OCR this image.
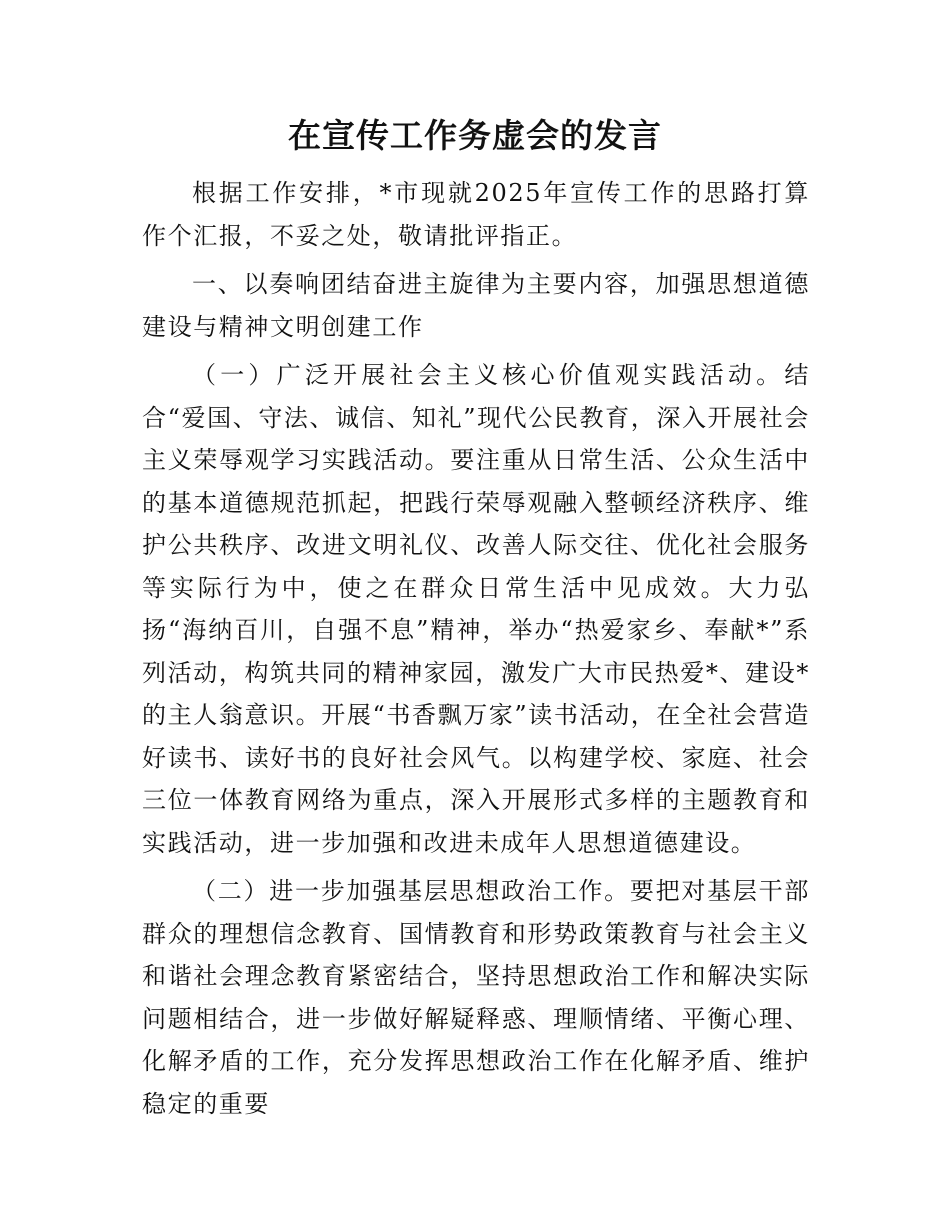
在宣传工作务虚会的发言

根据工作安排，*市现就2025年宣传工作的思路打算作个汇报，不妥之处，敬请批评指正。

一、以奏响团结奋进主旋律为主要内容，加强思想道德建设与精神文明创建工作

（一）广泛开展社会主义核心价值观实践活动。结合“爱国、守法、诚信、知礼”现代公民教育，深入开展社会主义荣辱观学习实践活动。要注重从日常生活、公众生活中的基本道德规范抓起，把践行荣辱观融入整顿经济秩序、维护公共秩序、改进文明礼仪、改善人际交往、优化社会服务等实际行为中，使之在群众日常生活中见成效。大力弘扬“海纳百川，自强不息”精神，举办“热爱家乡、奉献*”系列活动，构筑共同的精神家园，激发广大市民热爱*、建设*的主人翁意识。开展“书香飘万家”读书活动，在全社会营造好读书、读好书的良好社会风气。以构建学校、家庭、社会三位一体教育网络为重点，深入开展形式多样的主题教育和实践活动，进一步加强和改进未成年人思想道德建设。

（二）进一步加强基层思想政治工作。要把对基层干部群众的理想信念教育、国情教育和形势政策教育与社会主义和谐社会理念教育紧密结合，坚持思想政治工作和解决实际问题相结合，进一步做好解疑释惑、理顺情绪、平衡心理、化解矛盾的工作，充分发挥思想政治工作在化解矛盾、维护稳定的重要
